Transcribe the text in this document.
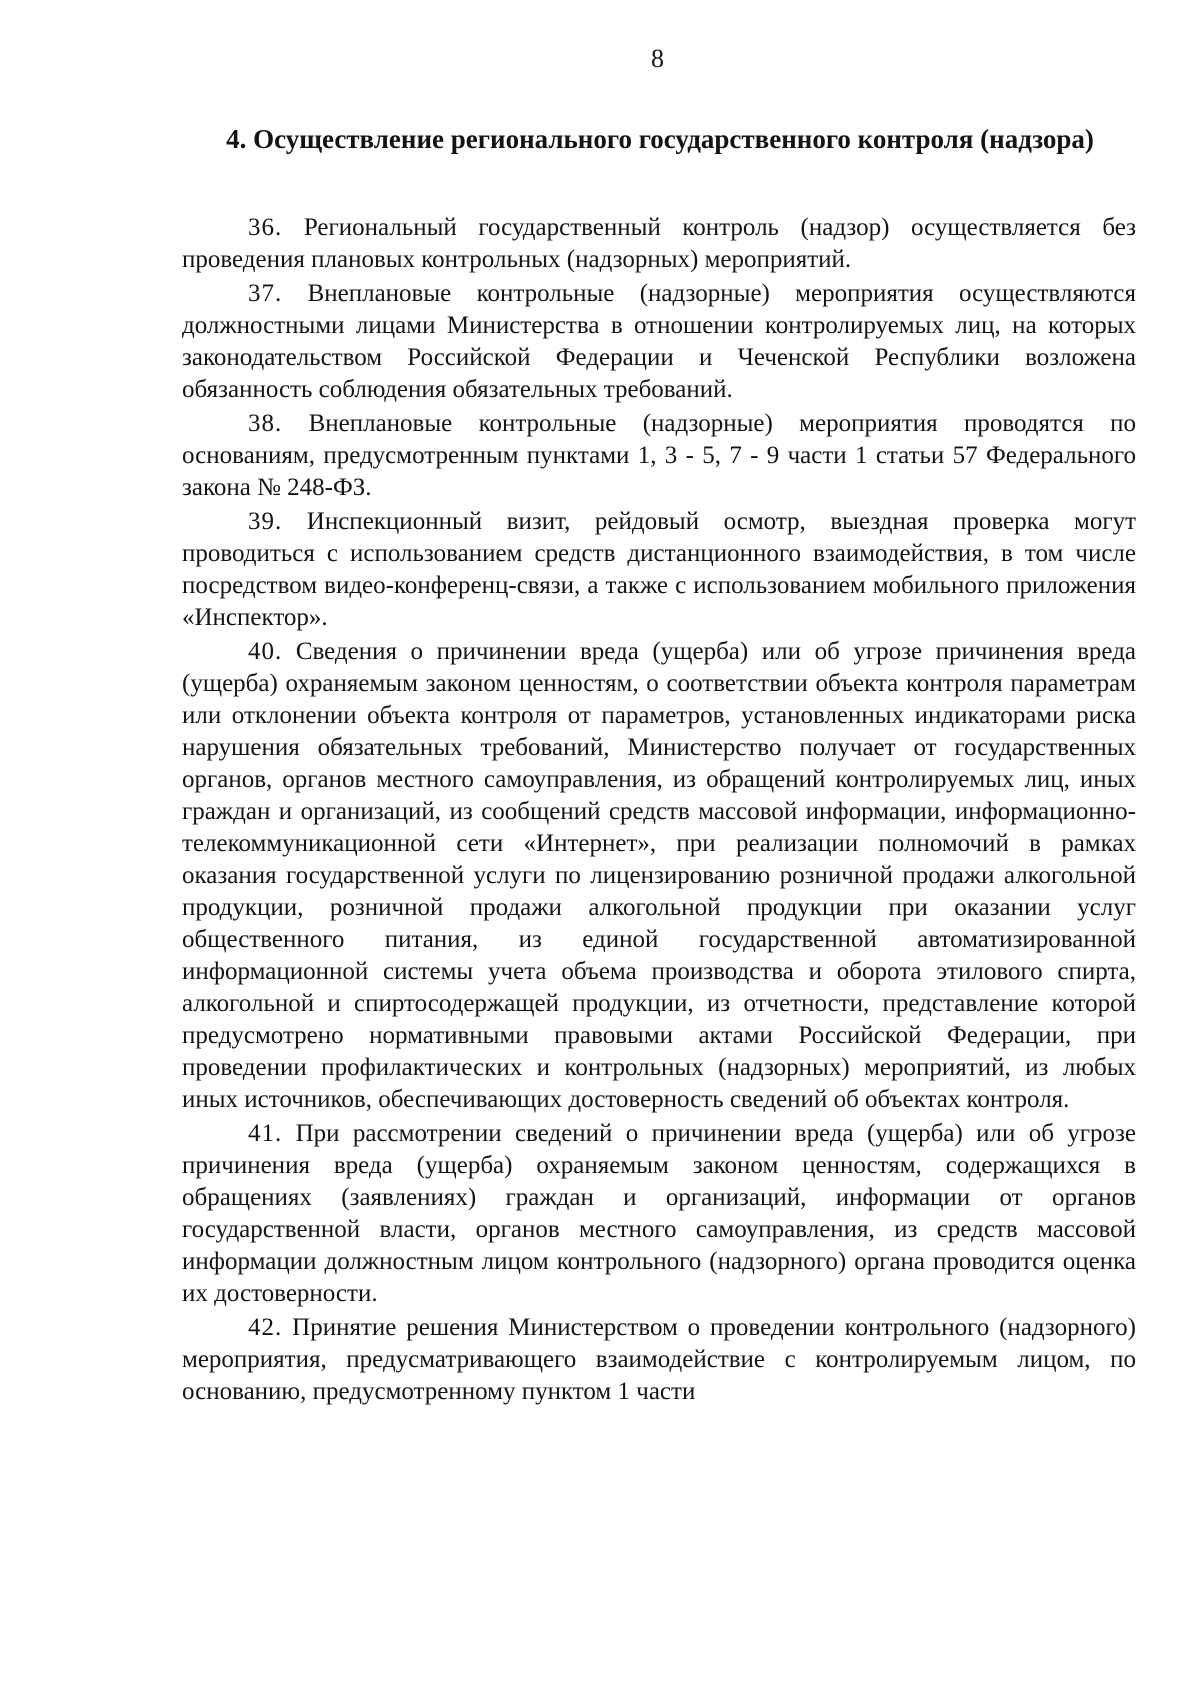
8
4. Осуществление регионального государственного контроля (надзора)

36. Региональный государственный контроль (надзор) осуществляется без проведения плановых контрольных (надзорных) мероприятий.

37. Внеплановые контрольные (надзорные) мероприятия осуществляются должностными лицами Министерства в отношении контролируемых лиц, на которых законодательством Российской Федерации и Чеченской Республики возложена обязанность соблюдения обязательных требований.

38. Внеплановые контрольные (надзорные) мероприятия проводятся по основаниям, предусмотренным пунктами 1, 3 - 5, 7 - 9 части 1 статьи 57 Федерального закона № 248-ФЗ.

39. Инспекционный визит, рейдовый осмотр, выездная проверка могут проводиться с использованием средств дистанционного взаимодействия, в том числе посредством видео-конференц-связи, а также с использованием мобильного приложения «Инспектор».

40. Сведения о причинении вреда (ущерба) или об угрозе причинения вреда (ущерба) охраняемым законом ценностям, о соответствии объекта контроля параметрам или отклонении объекта контроля от параметров, установленных индикаторами риска нарушения обязательных требований, Министерство получает от государственных органов, органов местного самоуправления, из обращений контролируемых лиц, иных граждан и организаций, из сообщений средств массовой информации, информационно-телекоммуникационной сети «Интернет», при реализации полномочий в рамках оказания государственной услуги по лицензированию розничной продажи алкогольной продукции, розничной продажи алкогольной продукции при оказании услуг общественного питания, из единой государственной автоматизированной информационной системы учета объема производства и оборота этилового спирта, алкогольной и спиртосодержащей продукции, из отчетности, представление которой предусмотрено нормативными правовыми актами Российской Федерации, при проведении профилактических и контрольных (надзорных) мероприятий, из любых иных источников, обеспечивающих достоверность сведений об объектах контроля.

41. При рассмотрении сведений о причинении вреда (ущерба) или об угрозе причинения вреда (ущерба) охраняемым законом ценностям, содержащихся в обращениях (заявлениях) граждан и организаций, информации от органов государственной власти, органов местного самоуправления, из средств массовой информации должностным лицом контрольного (надзорного) органа проводится оценка их достоверности.

42. Принятие решения Министерством о проведении контрольного (надзорного) мероприятия, предусматривающего взаимодействие с контролируемым лицом, по основанию, предусмотренному пунктом 1 части
